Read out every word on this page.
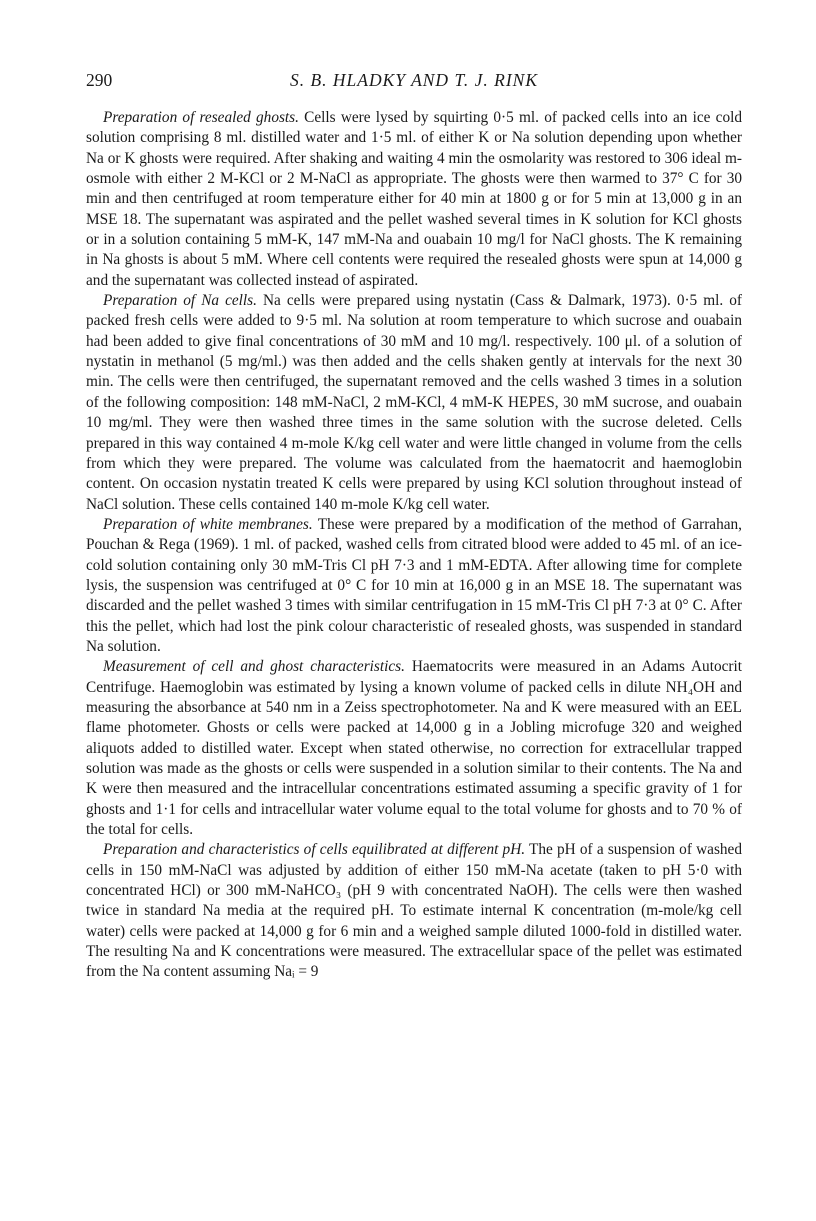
290	S. B. HLADKY AND T. J. RINK

Preparation of resealed ghosts. Cells were lysed by squirting 0·5 ml. of packed cells into an ice cold solution comprising 8 ml. distilled water and 1·5 ml. of either K or Na solution depending upon whether Na or K ghosts were required. After shaking and waiting 4 min the osmolarity was restored to 306 ideal m-osmole with either 2 M-KCl or 2 M-NaCl as appropriate. The ghosts were then warmed to 37° C for 30 min and then centrifuged at room temperature either for 40 min at 1800 g or for 5 min at 13,000 g in an MSE 18. The supernatant was aspirated and the pellet washed several times in K solution for KCl ghosts or in a solution containing 5 mM-K, 147 mM-Na and ouabain 10 mg/l for NaCl ghosts. The K remaining in Na ghosts is about 5 mM. Where cell contents were required the resealed ghosts were spun at 14,000 g and the supernatant was collected instead of aspirated.

Preparation of Na cells. Na cells were prepared using nystatin (Cass & Dalmark, 1973). 0·5 ml. of packed fresh cells were added to 9·5 ml. Na solution at room temperature to which sucrose and ouabain had been added to give final concentrations of 30 mM and 10 mg/l. respectively. 100 μl. of a solution of nystatin in methanol (5 mg/ml.) was then added and the cells shaken gently at intervals for the next 30 min. The cells were then centrifuged, the supernatant removed and the cells washed 3 times in a solution of the following composition: 148 mM-NaCl, 2 mM-KCl, 4 mM-K HEPES, 30 mM sucrose, and ouabain 10 mg/ml. They were then washed three times in the same solution with the sucrose deleted. Cells prepared in this way contained 4 m-mole K/kg cell water and were little changed in volume from the cells from which they were prepared. The volume was calculated from the haematocrit and haemoglobin content. On occasion nystatin treated K cells were prepared by using KCl solution throughout instead of NaCl solution. These cells contained 140 m-mole K/kg cell water.

Preparation of white membranes. These were prepared by a modification of the method of Garrahan, Pouchan & Rega (1969). 1 ml. of packed, washed cells from citrated blood were added to 45 ml. of an ice-cold solution containing only 30 mM-Tris Cl pH 7·3 and 1 mM-EDTA. After allowing time for complete lysis, the suspension was centrifuged at 0° C for 10 min at 16,000 g in an MSE 18. The supernatant was discarded and the pellet washed 3 times with similar centrifugation in 15 mM-Tris Cl pH 7·3 at 0° C. After this the pellet, which had lost the pink colour characteristic of resealed ghosts, was suspended in standard Na solution.

Measurement of cell and ghost characteristics. Haematocrits were measured in an Adams Autocrit Centrifuge. Haemoglobin was estimated by lysing a known volume of packed cells in dilute NH₄OH and measuring the absorbance at 540 nm in a Zeiss spectrophotometer. Na and K were measured with an EEL flame photometer. Ghosts or cells were packed at 14,000 g in a Jobling microfuge 320 and weighed aliquots added to distilled water. Except when stated otherwise, no correction for extracellular trapped solution was made as the ghosts or cells were suspended in a solution similar to their contents. The Na and K were then measured and the intracellular concentrations estimated assuming a specific gravity of 1 for ghosts and 1·1 for cells and intracellular water volume equal to the total volume for ghosts and to 70 % of the total for cells.

Preparation and characteristics of cells equilibrated at different pH. The pH of a suspension of washed cells in 150 mM-NaCl was adjusted by addition of either 150 mM-Na acetate (taken to pH 5·0 with concentrated HCl) or 300 mM-NaHCO₃ (pH 9 with concentrated NaOH). The cells were then washed twice in standard Na media at the required pH. To estimate internal K concentration (m-mole/kg cell water) cells were packed at 14,000 g for 6 min and a weighed sample diluted 1000-fold in distilled water. The resulting Na and K concentrations were measured. The extracellular space of the pellet was estimated from the Na content assuming Naᵢ = 9
